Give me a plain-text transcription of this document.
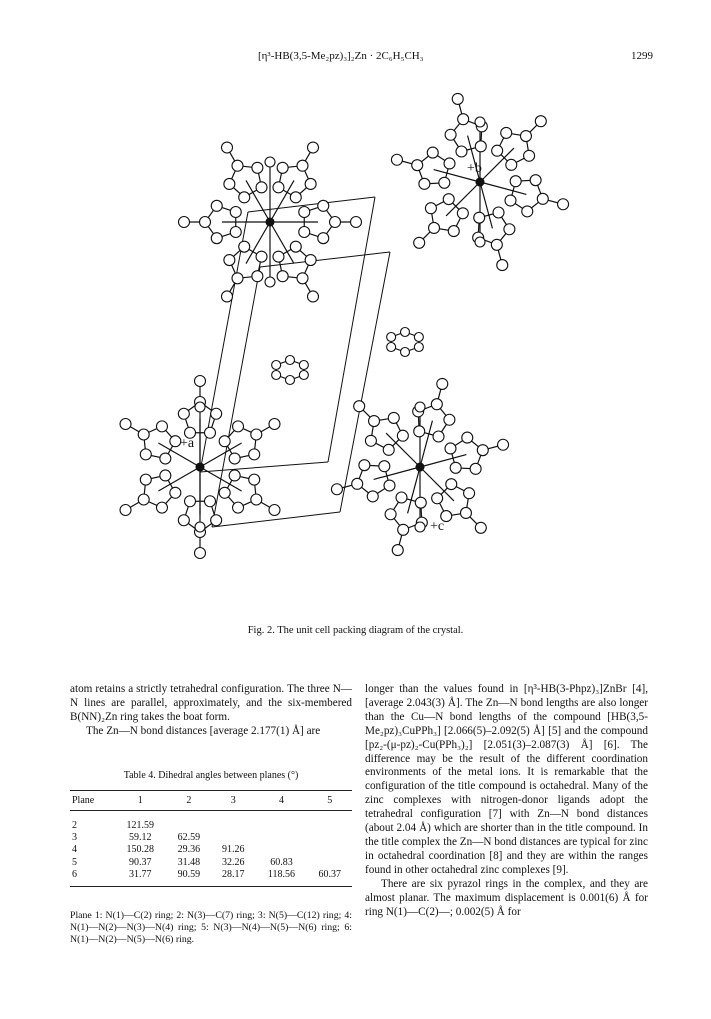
[η³-HB(3,5-Me₂pz)₃]₂Zn · 2C₆H₅CH₃	1299
+b
+a
+c
Fig. 2. The unit cell packing diagram of the crystal.

atom retains a strictly tetrahedral configuration. The three N—N lines are parallel, approximately, and the six-membered B(NN)₂Zn ring takes the boat form.

The Zn—N bond distances [average 2.177(1) Å] are

Table 4. Dihedral angles between planes (°)
Plane	1	2	3	4	5
2	121.59				
3	59.12	62.59			
4	150.28	29.36	91.26		
5	90.37	31.48	32.26	60.83	
6	31.77	90.59	28.17	118.56	60.37
Plane 1: N(1)—C(2) ring; 2: N(3)—C(7) ring; 3: N(5)—C(12) ring; 4: N(1)—N(2)—N(3)—N(4) ring; 5: N(3)—N(4)—N(5)—N(6) ring; 6: N(1)—N(2)—N(5)—N(6) ring.

longer than the values found in [η³-HB(3-Phpz)₃]ZnBr [4], [average 2.043(3) Å]. The Zn—N bond lengths are also longer than the Cu—N bond lengths of the compound [HB(3,5-Me₂pz)₃CuPPh₃] [2.066(5)–2.092(5) Å] [5] and the compound [pz₂-(μ-pz)₂-Cu(PPh₃)₂] [2.051(3)–2.087(3) Å] [6]. The difference may be the result of the different coordination environments of the metal ions. It is remarkable that the configuration of the title compound is octahedral. Many of the zinc complexes with nitrogen-donor ligands adopt the tetrahedral configuration [7] with Zn—N bond distances (about 2.04 Å) which are shorter than in the title compound. In the title complex the Zn—N bond distances are typical for zinc in octahedral coordination [8] and they are within the ranges found in other octahedral zinc complexes [9].

There are six pyrazol rings in the complex, and they are almost planar. The maximum displacement is 0.001(6) Å for ring N(1)—C(2)—; 0.002(5) Å for
